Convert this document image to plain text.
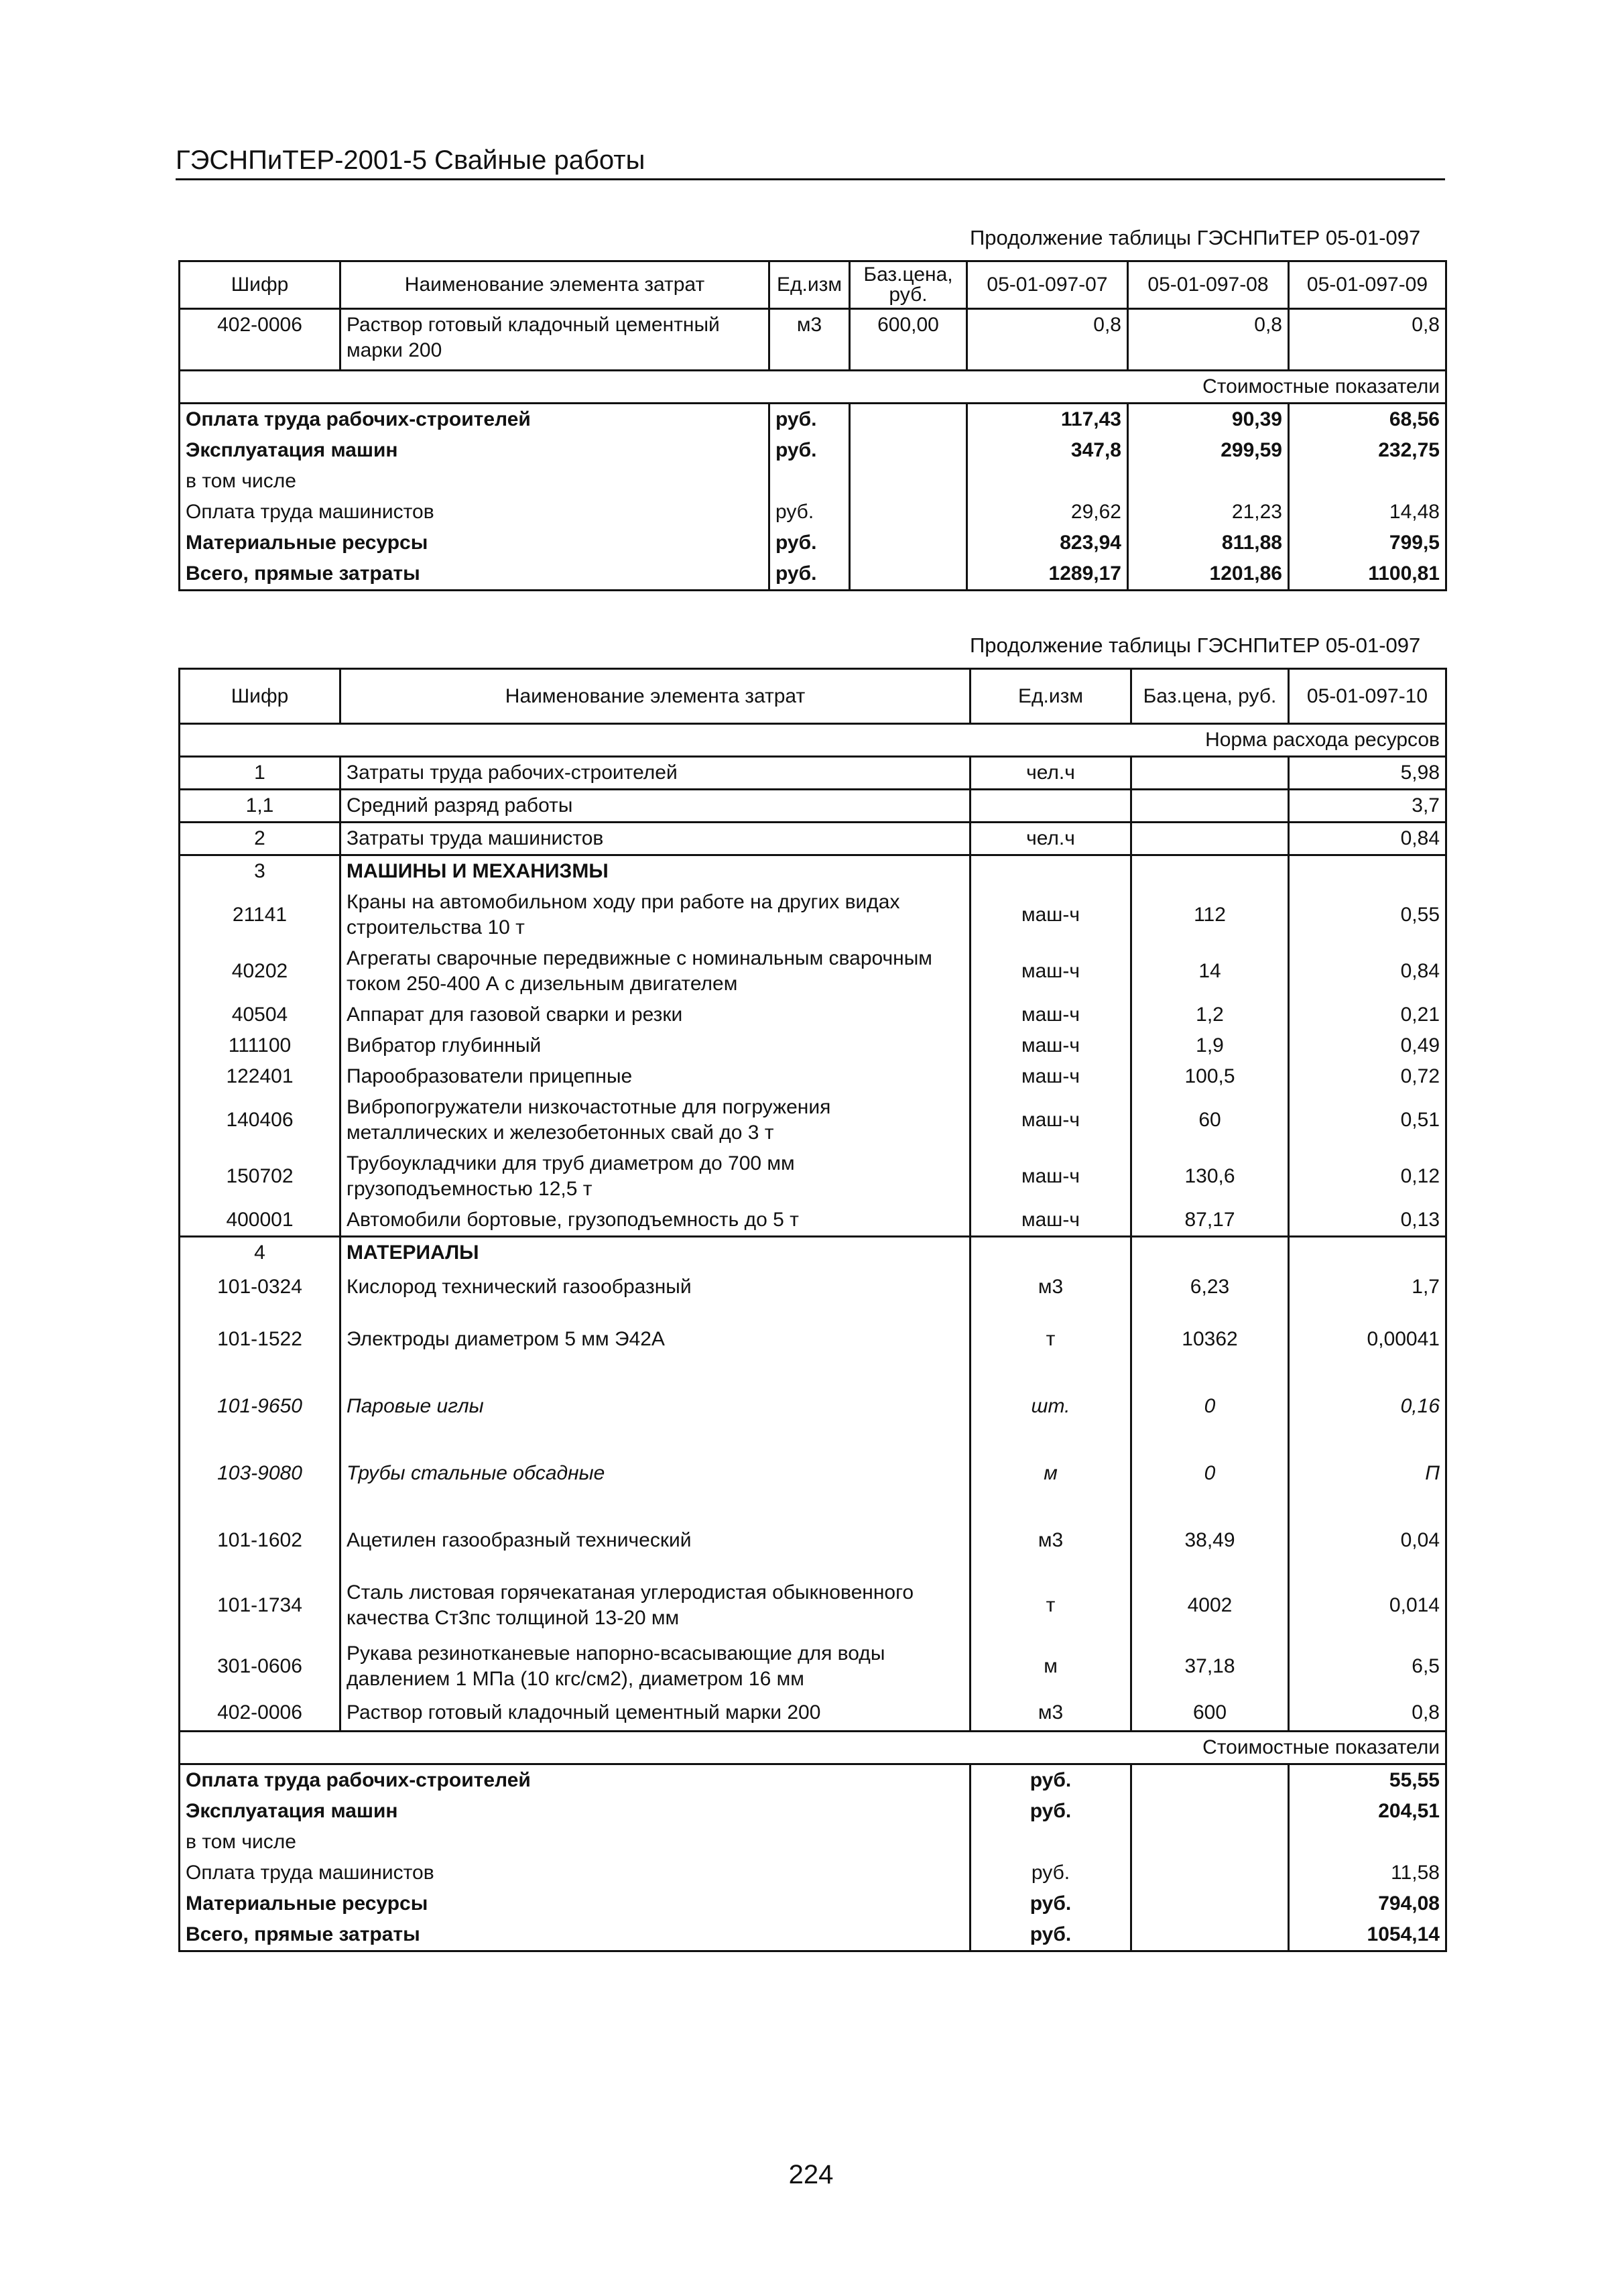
ГЭСНПиТЕР-2001-5 Свайные работы
Продолжение таблицы ГЭСНПиТЕР 05-01-097
Шифр	Наименование элемента затрат	Ед.изм	Баз.цена, руб.	05-01-097-07	05-01-097-08	05-01-097-09
402-0006	Раствор готовый кладочный цементный марки 200	м3	600,00	0,8	0,8	0,8
Стоимостные показатели						
Оплата труда рабочих-строителей		руб.		117,43	90,39	68,56
Эксплуатация машин		руб.		347,8	299,59	232,75
в том числе						
Оплата труда машинистов		руб.		29,62	21,23	14,48
Материальные ресурсы		руб.		823,94	811,88	799,5
Всего, прямые затраты		руб.		1289,17	1201,86	1100,81
Продолжение таблицы ГЭСНПиТЕР 05-01-097
Шифр	Наименование элемента затрат	Ед.изм	Баз.цена, руб.	05-01-097-10
Норма расхода ресурсов				
1	Затраты труда рабочих-строителей	чел.ч		5,98
1,1	Средний разряд работы			3,7
2	Затраты труда машинистов	чел.ч		0,84
3	МАШИНЫ И МЕХАНИЗМЫ			
21141	Краны на автомобильном ходу при работе на других видах строительства 10 т	маш-ч	112	0,55
40202	Агрегаты сварочные передвижные с номинальным сварочным током 250-400 А с дизельным двигателем	маш-ч	14	0,84
40504	Аппарат для газовой сварки и резки	маш-ч	1,2	0,21
111100	Вибратор глубинный	маш-ч	1,9	0,49
122401	Парообразователи прицепные	маш-ч	100,5	0,72
140406	Вибропогружатели низкочастотные для погружения металлических и железобетонных свай до 3 т	маш-ч	60	0,51
150702	Трубоукладчики для труб диаметром до 700 мм грузоподъемностью 12,5 т	маш-ч	130,6	0,12
400001	Автомобили бортовые, грузоподъемность до 5 т	маш-ч	87,17	0,13
4	МАТЕРИАЛЫ			
101-0324	Кислород технический газообразный	м3	6,23	1,7
101-1522	Электроды диаметром 5 мм Э42А	т	10362	0,00041
101-9650	Паровые иглы	шт.	0	0,16
103-9080	Трубы стальные обсадные	м	0	П
101-1602	Ацетилен газообразный технический	м3	38,49	0,04
101-1734	Сталь листовая горячекатаная углеродистая обыкновенного качества Ст3пс толщиной 13-20 мм	т	4002	0,014
301-0606	Рукава резинотканевые напорно-всасывающие для воды давлением 1 МПа (10 кгс/см2), диаметром 16 мм	м	37,18	6,5
402-0006	Раствор готовый кладочный цементный марки 200	м3	600	0,8
Стоимостные показатели				
Оплата труда рабочих-строителей		руб.		55,55
Эксплуатация машин		руб.		204,51
в том числе				
Оплата труда машинистов		руб.		11,58
Материальные ресурсы		руб.		794,08
Всего, прямые затраты		руб.		1054,14
224
